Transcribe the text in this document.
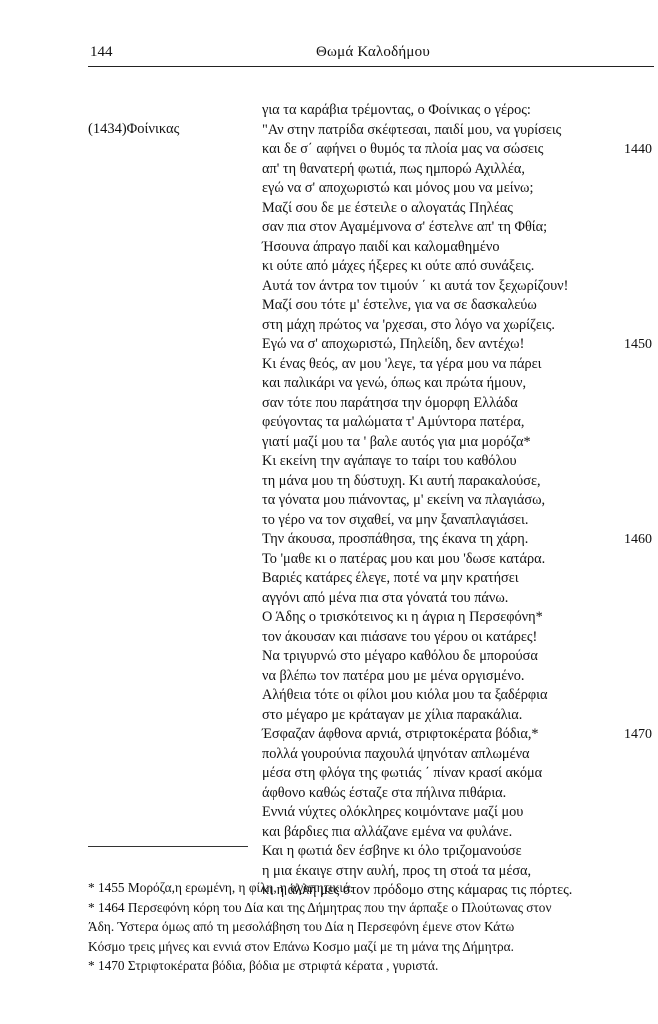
144	Θωμά Καλοδήμου
(1434)Φοίνικας
για τα καράβια τρέμοντας, ο Φοίνικας ο γέρος:
"Αν στην πατρίδα σκέφτεσαι, παιδί μου, να γυρίσεις
και δε σ΄ αφήνει ο θυμός τα πλοία μας να σώσεις	1440
απ' τη θανατερή φωτιά, πως ημπορώ Αχιλλέα,
εγώ να σ' αποχωριστώ και μόνος μου να μείνω;
Μαζί σου δε με έστειλε ο αλογατάς Πηλέας
σαν πια στον Αγαμέμνονα σ' έστελνε απ' τη Φθία;
Ήσουνα άπραγο παιδί και καλομαθημένο
κι ούτε από μάχες ήξερες κι ούτε από συνάξεις.
Αυτά τον άντρα τον τιμούν ΄ κι αυτά τον ξεχωρίζουν!
Μαζί σου τότε μ' έστελνε, για να σε δασκαλεύω
στη μάχη πρώτος να 'ρχεσαι, στο λόγο να χωρίζεις.
Εγώ να σ' αποχωριστώ, Πηλείδη, δεν αντέχω!	1450
Κι ένας θεός, αν μου 'λεγε, τα γέρα μου να πάρει
και παλικάρι να γενώ, όπως και πρώτα ήμουν,
σαν τότε που παράτησα την όμορφη Ελλάδα
φεύγοντας τα μαλώματα τ' Αμύντορα πατέρα,
γιατί μαζί μου τα ' βαλε αυτός για μια μορόζα*
Κι εκείνη την αγάπαγε το ταίρι του καθόλου
τη μάνα μου τη δύστυχη. Κι αυτή παρακαλούσε,
τα γόνατα μου πιάνοντας, μ' εκείνη να πλαγιάσω,
το γέρο να τον σιχαθεί, να μην ξαναπλαγιάσει.
Την άκουσα, προσπάθησα, της έκανα τη χάρη.	1460
Το 'μαθε κι ο πατέρας μου και μου 'δωσε κατάρα.
Βαριές κατάρες έλεγε, ποτέ να μην κρατήσει
αγγόνι από μένα πια στα γόνατά του πάνω.
Ο Άδης ο τρισκότεινος κι η άγρια η Περσεφόνη*
τον άκουσαν και πιάσανε του γέρου οι κατάρες!
Να τριγυρνώ στο μέγαρο καθόλου δε μπορούσα
να βλέπω τον πατέρα μου με μένα οργισμένο.
Αλήθεια τότε οι φίλοι μου κιόλα μου τα ξαδέρφια
στο μέγαρο με κράταγαν με χίλια παρακάλια.
Έσφαζαν άφθονα αρνιά, στριφτοκέρατα βόδια,*	1470
πολλά γουρούνια παχουλά ψηνόταν απλωμένα
μέσα στη φλόγα της φωτιάς ΄ πίναν κρασί ακόμα
άφθονο καθώς έσταζε στα πήλινα πιθάρια.
Εννιά νύχτες ολόκληρες κοιμόντανε μαζί μου
και βάρδιες πια αλλάζανε εμένα να φυλάνε.
Και η φωτιά δεν έσβηνε κι όλο τριζομανούσε
η μια έκαιγε στην αυλή, προς τη στοά τα μέσα,
κι η άλλη μες στον πρόδομο στης κάμαρας τις πόρτες.
* 1455 Μορόζα,η ερωμένη, η φίλη, η αγαπητικιά.
* 1464 Περσεφόνη κόρη του Δία και της Δήμητρας που την άρπαξε ο Πλούτωνας στον
Άδη. Ύστερα όμως από τη μεσολάβηση του Δία η Περσεφόνη έμενε στον Κάτω
Κόσμο τρεις μήνες και εννιά στον Επάνω Κοσμο μαζί με τη μάνα της Δήμητρα.
* 1470 Στριφτοκέρατα βόδια, βόδια με στριφτά κέρατα , γυριστά.
